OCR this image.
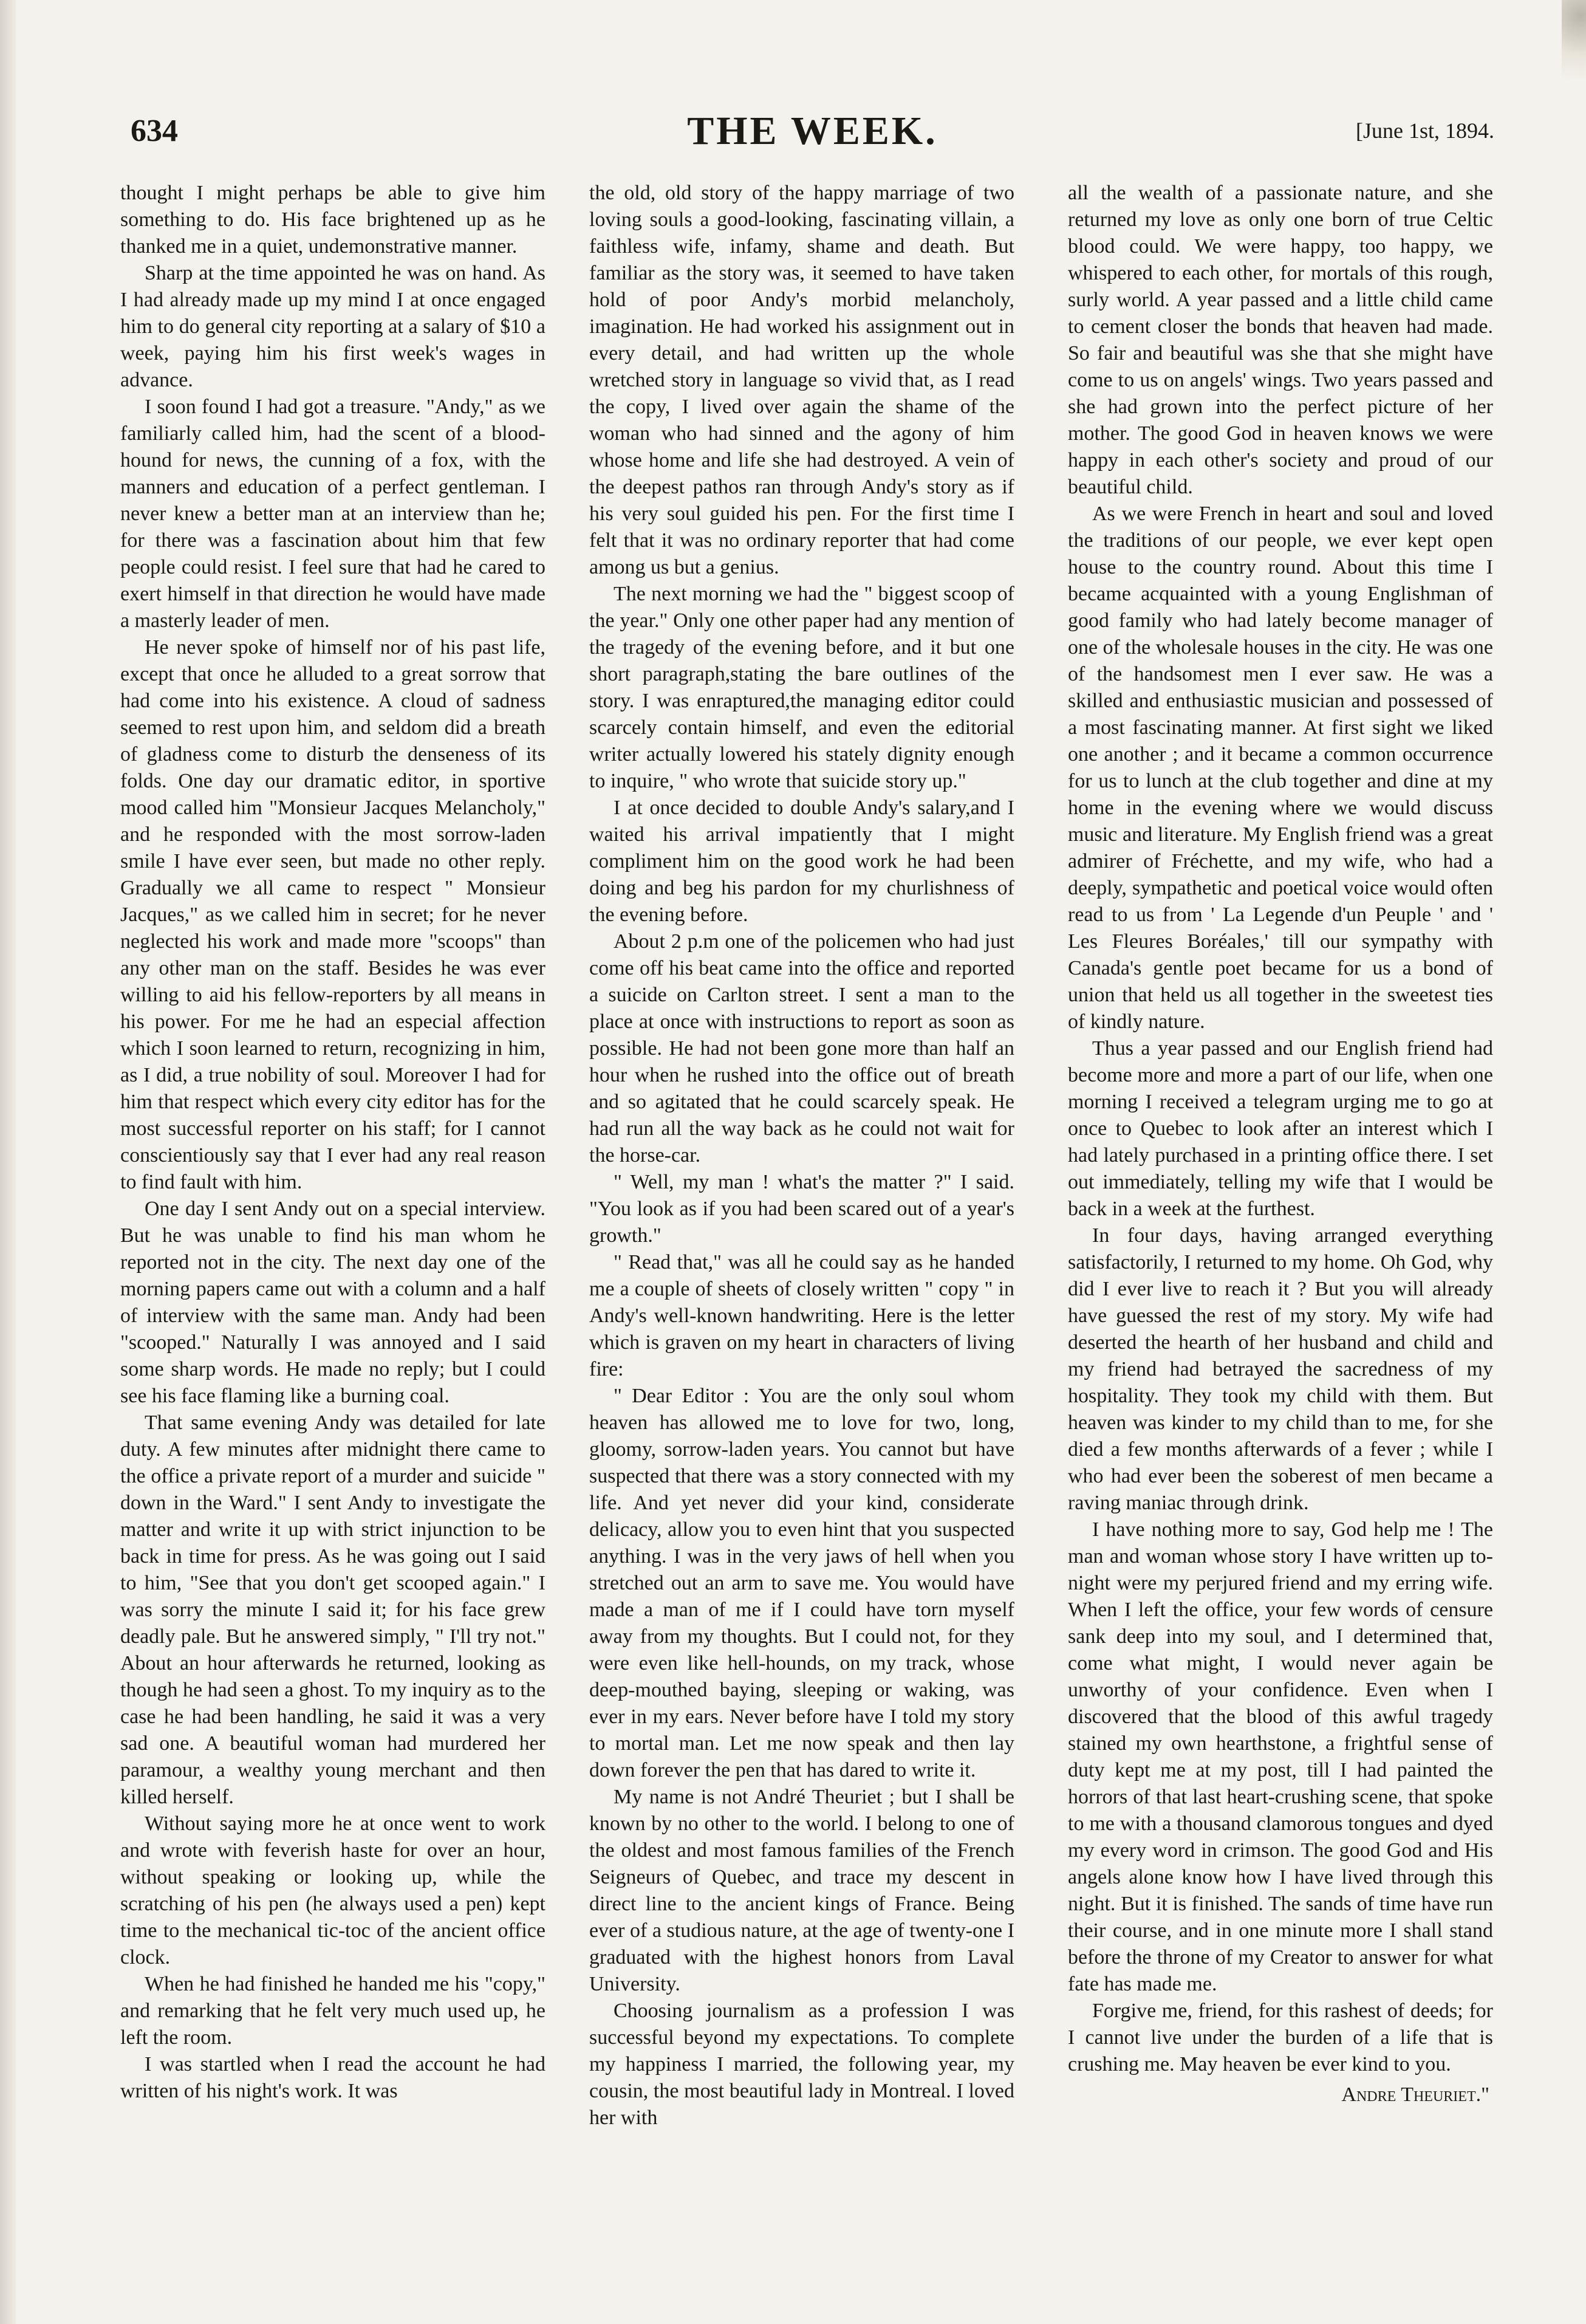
634	THE WEEK.	[June 1st, 1894.

thought I might perhaps be able to give him something to do. His face brightened up as he thanked me in a quiet, undemonstrative manner.

Sharp at the time appointed he was on hand. As I had already made up my mind I at once engaged him to do general city reporting at a salary of $10 a week, paying him his first week's wages in advance.

I soon found I had got a treasure. "Andy," as we familiarly called him, had the scent of a blood-hound for news, the cunning of a fox, with the manners and education of a perfect gentleman. I never knew a better man at an interview than he; for there was a fascination about him that few people could resist. I feel sure that had he cared to exert himself in that direction he would have made a masterly leader of men.

He never spoke of himself nor of his past life, except that once he alluded to a great sorrow that had come into his existence. A cloud of sadness seemed to rest upon him, and seldom did a breath of gladness come to disturb the denseness of its folds. One day our dramatic editor, in sportive mood called him "Monsieur Jacques Melancholy," and he responded with the most sorrow-laden smile I have ever seen, but made no other reply. Gradually we all came to respect " Monsieur Jacques," as we called him in secret; for he never neglected his work and made more "scoops" than any other man on the staff. Besides he was ever willing to aid his fellow-reporters by all means in his power. For me he had an especial affection which I soon learned to return, recognizing in him, as I did, a true nobility of soul. Moreover I had for him that respect which every city editor has for the most successful reporter on his staff; for I cannot conscientiously say that I ever had any real reason to find fault with him.

One day I sent Andy out on a special interview. But he was unable to find his man whom he reported not in the city. The next day one of the morning papers came out with a column and a half of interview with the same man. Andy had been "scooped." Naturally I was annoyed and I said some sharp words. He made no reply; but I could see his face flaming like a burning coal.

That same evening Andy was detailed for late duty. A few minutes after midnight there came to the office a private report of a murder and suicide " down in the Ward." I sent Andy to investigate the matter and write it up with strict injunction to be back in time for press. As he was going out I said to him, "See that you don't get scooped again." I was sorry the minute I said it; for his face grew deadly pale. But he answered simply, " I'll try not." About an hour afterwards he returned, looking as though he had seen a ghost. To my inquiry as to the case he had been handling, he said it was a very sad one. A beautiful woman had murdered her paramour, a wealthy young merchant and then killed herself.

Without saying more he at once went to work and wrote with feverish haste for over an hour, without speaking or looking up, while the scratching of his pen (he always used a pen) kept time to the mechanical tic-toc of the ancient office clock.

When he had finished he handed me his "copy," and remarking that he felt very much used up, he left the room.

I was startled when I read the account he had written of his night's work. It was

the old, old story of the happy marriage of two loving souls a good-looking, fascinating villain, a faithless wife, infamy, shame and death. But familiar as the story was, it seemed to have taken hold of poor Andy's morbid melancholy, imagination. He had worked his assignment out in every detail, and had written up the whole wretched story in language so vivid that, as I read the copy, I lived over again the shame of the woman who had sinned and the agony of him whose home and life she had destroyed. A vein of the deepest pathos ran through Andy's story as if his very soul guided his pen. For the first time I felt that it was no ordinary reporter that had come among us but a genius.

The next morning we had the " biggest scoop of the year." Only one other paper had any mention of the tragedy of the evening before, and it but one short paragraph,stating the bare outlines of the story. I was enraptured,the managing editor could scarcely contain himself, and even the editorial writer actually lowered his stately dignity enough to inquire, " who wrote that suicide story up."

I at once decided to double Andy's salary,and I waited his arrival impatiently that I might compliment him on the good work he had been doing and beg his pardon for my churlishness of the evening before.

About 2 p.m one of the policemen who had just come off his beat came into the office and reported a suicide on Carlton street. I sent a man to the place at once with instructions to report as soon as possible. He had not been gone more than half an hour when he rushed into the office out of breath and so agitated that he could scarcely speak. He had run all the way back as he could not wait for the horse-car.

" Well, my man ! what's the matter ?" I said. "You look as if you had been scared out of a year's growth."

" Read that," was all he could say as he handed me a couple of sheets of closely written " copy " in Andy's well-known handwriting. Here is the letter which is graven on my heart in characters of living fire:

" Dear Editor : You are the only soul whom heaven has allowed me to love for two, long, gloomy, sorrow-laden years. You cannot but have suspected that there was a story connected with my life. And yet never did your kind, considerate delicacy, allow you to even hint that you suspected anything. I was in the very jaws of hell when you stretched out an arm to save me. You would have made a man of me if I could have torn myself away from my thoughts. But I could not, for they were even like hell-hounds, on my track, whose deep-mouthed baying, sleeping or waking, was ever in my ears. Never before have I told my story to mortal man. Let me now speak and then lay down forever the pen that has dared to write it.

My name is not André Theuriet ; but I shall be known by no other to the world. I belong to one of the oldest and most famous families of the French Seigneurs of Quebec, and trace my descent in direct line to the ancient kings of France. Being ever of a studious nature, at the age of twenty-one I graduated with the highest honors from Laval University.

Choosing journalism as a profession I was successful beyond my expectations. To complete my happiness I married, the following year, my cousin, the most beautiful lady in Montreal. I loved her with

all the wealth of a passionate nature, and she returned my love as only one born of true Celtic blood could. We were happy, too happy, we whispered to each other, for mortals of this rough, surly world. A year passed and a little child came to cement closer the bonds that heaven had made. So fair and beautiful was she that she might have come to us on angels' wings. Two years passed and she had grown into the perfect picture of her mother. The good God in heaven knows we were happy in each other's society and proud of our beautiful child.

As we were French in heart and soul and loved the traditions of our people, we ever kept open house to the country round. About this time I became acquainted with a young Englishman of good family who had lately become manager of one of the wholesale houses in the city. He was one of the handsomest men I ever saw. He was a skilled and enthusiastic musician and possessed of a most fascinating manner. At first sight we liked one another ; and it became a common occurrence for us to lunch at the club together and dine at my home in the evening where we would discuss music and literature. My English friend was a great admirer of Fréchette, and my wife, who had a deeply, sympathetic and poetical voice would often read to us from ' La Legende d'un Peuple ' and ' Les Fleures Boréales,' till our sympathy with Canada's gentle poet became for us a bond of union that held us all together in the sweetest ties of kindly nature.

Thus a year passed and our English friend had become more and more a part of our life, when one morning I received a telegram urging me to go at once to Quebec to look after an interest which I had lately purchased in a printing office there. I set out immediately, telling my wife that I would be back in a week at the furthest.

In four days, having arranged everything satisfactorily, I returned to my home. Oh God, why did I ever live to reach it ? But you will already have guessed the rest of my story. My wife had deserted the hearth of her husband and child and my friend had betrayed the sacredness of my hospitality. They took my child with them. But heaven was kinder to my child than to me, for she died a few months afterwards of a fever ; while I who had ever been the soberest of men became a raving maniac through drink.

I have nothing more to say, God help me ! The man and woman whose story I have written up to-night were my perjured friend and my erring wife. When I left the office, your few words of censure sank deep into my soul, and I determined that, come what might, I would never again be unworthy of your confidence. Even when I discovered that the blood of this awful tragedy stained my own hearthstone, a frightful sense of duty kept me at my post, till I had painted the horrors of that last heart-crushing scene, that spoke to me with a thousand clamorous tongues and dyed my every word in crimson. The good God and His angels alone know how I have lived through this night. But it is finished. The sands of time have run their course, and in one minute more I shall stand before the throne of my Creator to answer for what fate has made me.

Forgive me, friend, for this rashest of deeds; for I cannot live under the burden of a life that is crushing me. May heaven be ever kind to you.

Andre Theuriet."
